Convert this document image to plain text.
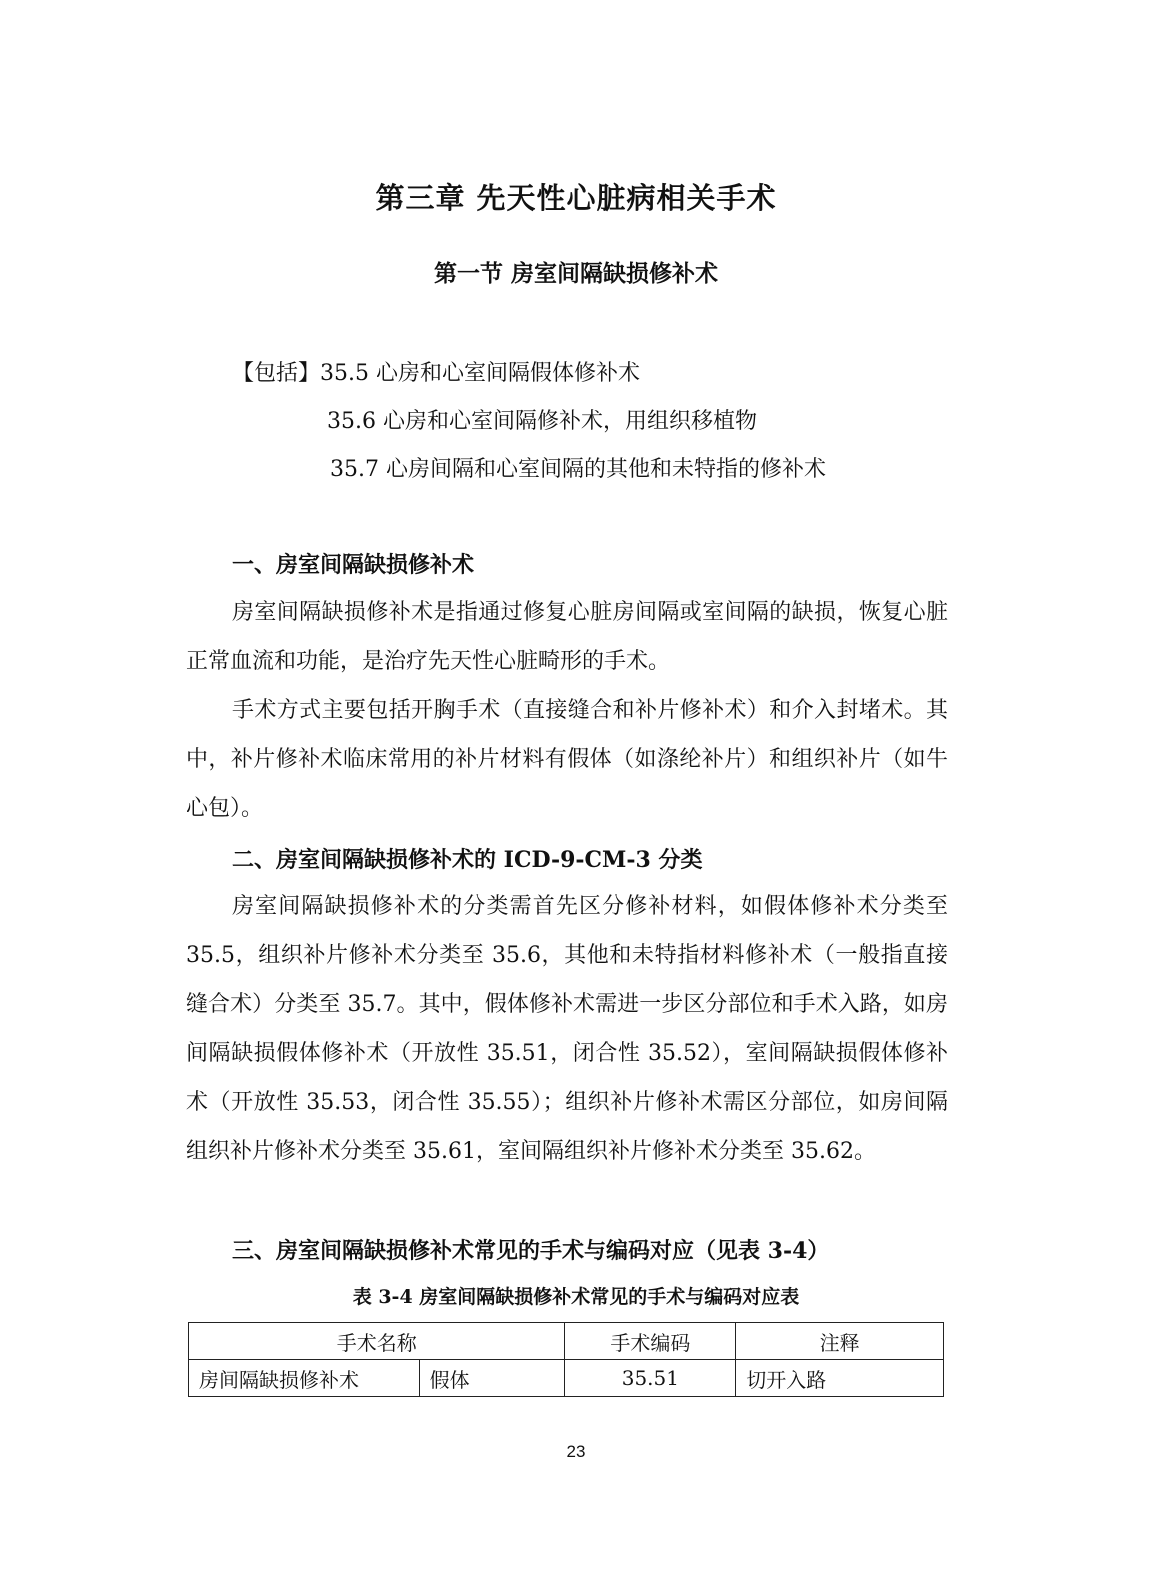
第三章 先天性心脏病相关手术
第一节 房室间隔缺损修补术
【包括】35.5 心房和心室间隔假体修补术
35.6 心房和心室间隔修补术，用组织移植物
35.7 心房间隔和心室间隔的其他和未特指的修补术
一、房室间隔缺损修补术
房室间隔缺损修补术是指通过修复心脏房间隔或室间隔的缺损，恢复心脏正常血流和功能，是治疗先天性心脏畸形的手术。
手术方式主要包括开胸手术（直接缝合和补片修补术）和介入封堵术。其中，补片修补术临床常用的补片材料有假体（如涤纶补片）和组织补片（如牛心包）。
二、房室间隔缺损修补术的 ICD-9-CM-3 分类
房室间隔缺损修补术的分类需首先区分修补材料，如假体修补术分类至 35.5，组织补片修补术分类至 35.6，其他和未特指材料修补术（一般指直接缝合术）分类至 35.7。其中，假体修补术需进一步区分部位和手术入路，如房间隔缺损假体修补术（开放性 35.51，闭合性 35.52），室间隔缺损假体修补术（开放性 35.53，闭合性 35.55）；组织补片修补术需区分部位，如房间隔组织补片修补术分类至 35.61，室间隔组织补片修补术分类至 35.62。
三、房室间隔缺损修补术常见的手术与编码对应（见表 3-4）
表 3-4 房室间隔缺损修补术常见的手术与编码对应表
手术名称		手术编码	注释
房间隔缺损修补术	假体	35.51	切开入路
23
